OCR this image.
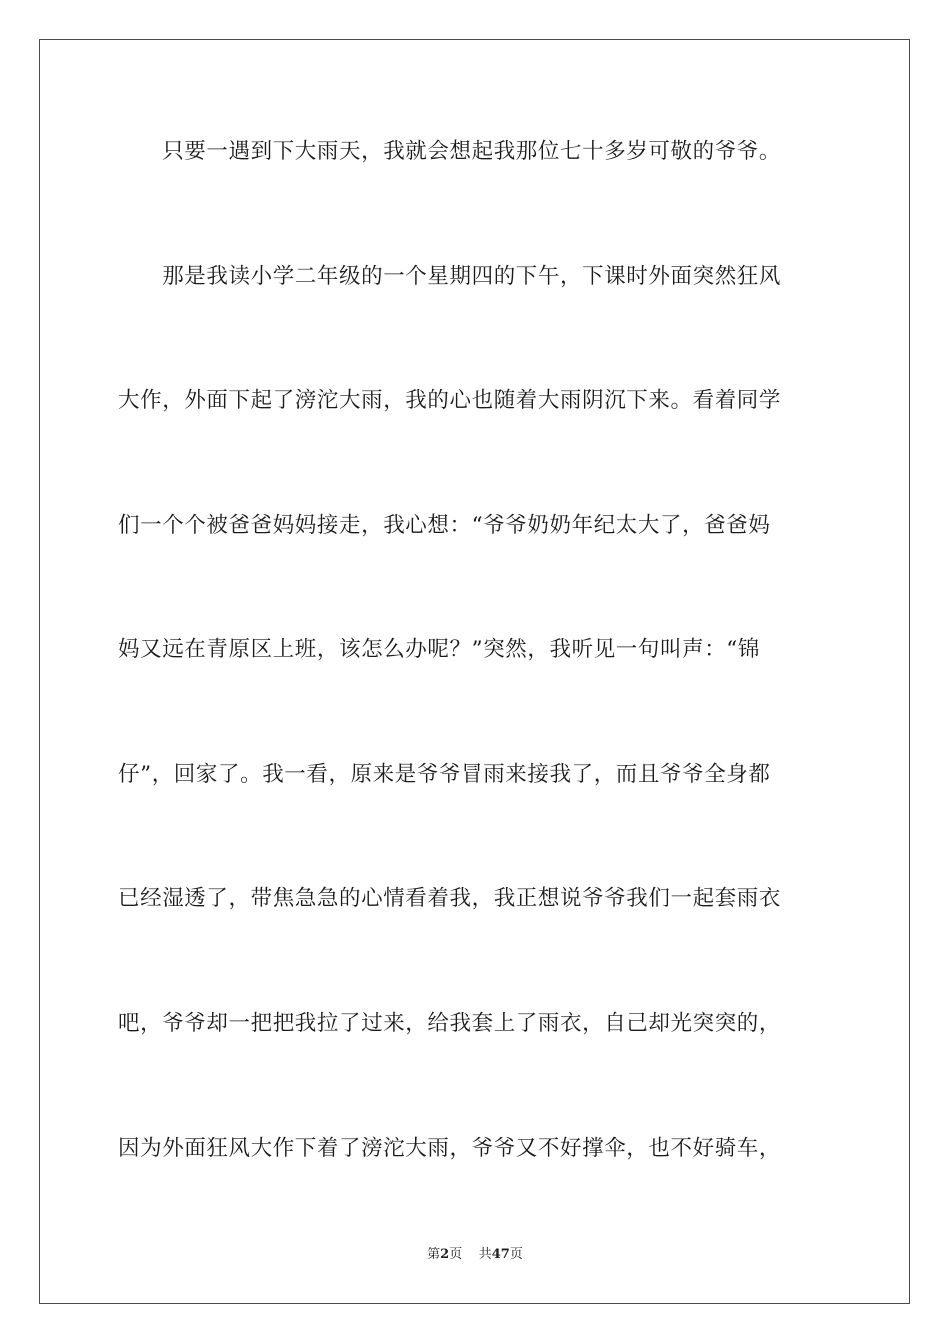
　　只要一遇到下大雨天，我就会想起我那位七十多岁可敬的爷爷。
　　那是我读小学二年级的一个星期四的下午，下课时外面突然狂风
大作，外面下起了滂沱大雨，我的心也随着大雨阴沉下来。看着同学
们一个个被爸爸妈妈接走，我心想：“爷爷奶奶年纪太大了，爸爸妈
妈又远在青原区上班，该怎么办呢？”突然，我听见一句叫声：“锦
仔”，回家了。我一看，原来是爷爷冒雨来接我了，而且爷爷全身都
已经湿透了，带焦急急的心情看着我，我正想说爷爷我们一起套雨衣
吧，爷爷却一把把我拉了过来，给我套上了雨衣，自己却光突突的，
因为外面狂风大作下着了滂沱大雨，爷爷又不好撑伞，也不好骑车，
第2页 共47页
